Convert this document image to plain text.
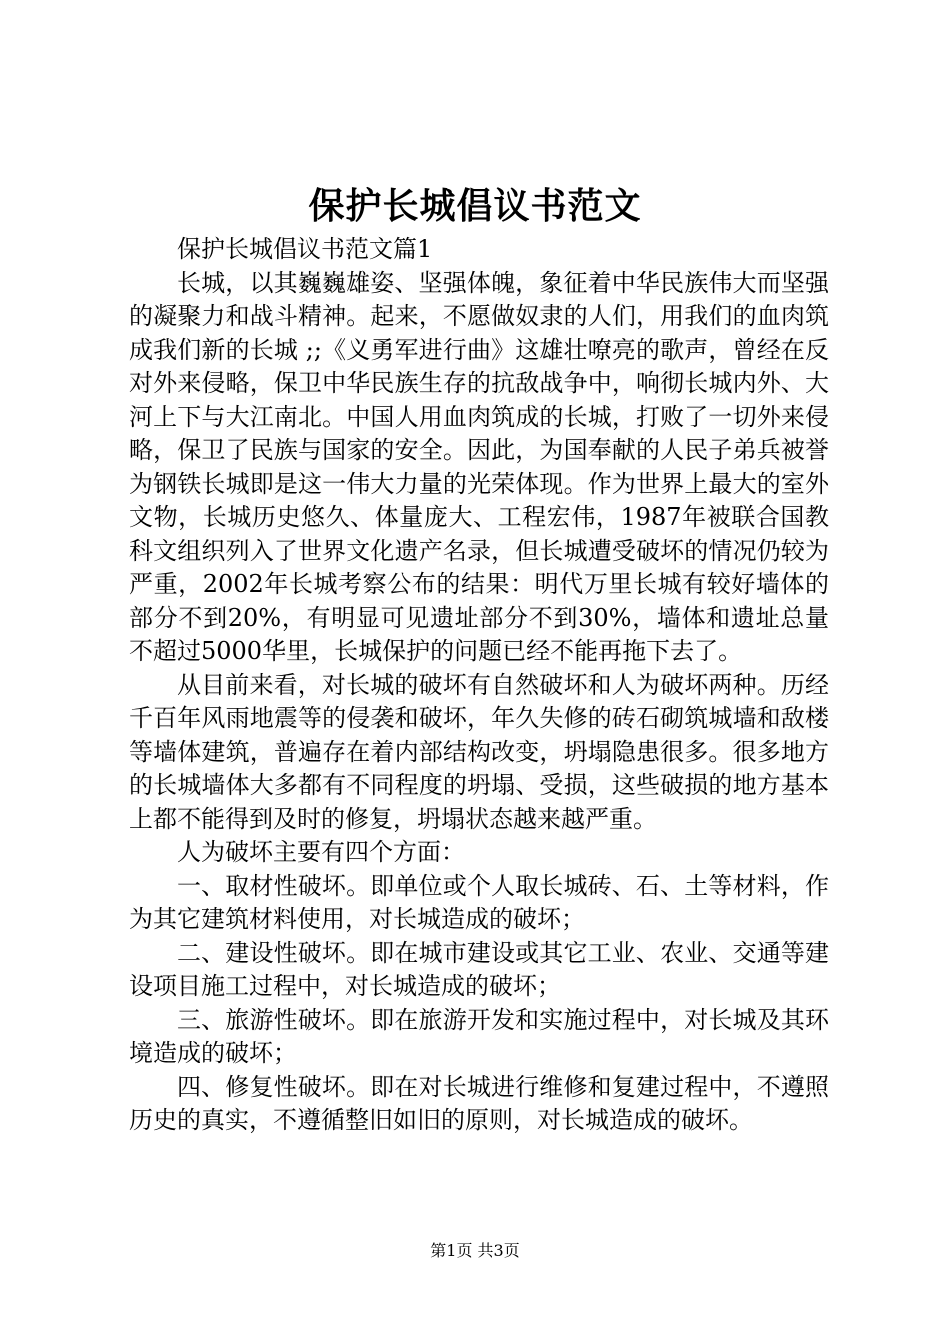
保护长城倡议书范文

保护长城倡议书范文篇1

长城，以其巍巍雄姿、坚强体魄，象征着中华民族伟大而坚强的凝聚力和战斗精神。起来，不愿做奴隶的人们，用我们的血肉筑成我们新的长城 ;;《义勇军进行曲》这雄壮嘹亮的歌声，曾经在反对外来侵略，保卫中华民族生存的抗敌战争中，响彻长城内外、大河上下与大江南北。中国人用血肉筑成的长城，打败了一切外来侵略，保卫了民族与国家的安全。因此，为国奉献的人民子弟兵被誉为钢铁长城即是这一伟大力量的光荣体现。作为世界上最大的室外文物，长城历史悠久、体量庞大、工程宏伟，1987年被联合国教科文组织列入了世界文化遗产名录，但长城遭受破坏的情况仍较为严重，2002年长城考察公布的结果：明代万里长城有较好墙体的部分不到20%，有明显可见遗址部分不到30%，墙体和遗址总量不超过5000华里，长城保护的问题已经不能再拖下去了。

从目前来看，对长城的破坏有自然破坏和人为破坏两种。历经千百年风雨地震等的侵袭和破坏，年久失修的砖石砌筑城墙和敌楼等墙体建筑，普遍存在着内部结构改变，坍塌隐患很多。很多地方的长城墙体大多都有不同程度的坍塌、受损，这些破损的地方基本上都不能得到及时的修复，坍塌状态越来越严重。

人为破坏主要有四个方面：

一、取材性破坏。即单位或个人取长城砖、石、土等材料，作为其它建筑材料使用，对长城造成的破坏；

二、建设性破坏。即在城市建设或其它工业、农业、交通等建设项目施工过程中，对长城造成的破坏；

三、旅游性破坏。即在旅游开发和实施过程中，对长城及其环境造成的破坏；

四、修复性破坏。即在对长城进行维修和复建过程中，不遵照历史的真实，不遵循整旧如旧的原则，对长城造成的破坏。

第1页 共3页
